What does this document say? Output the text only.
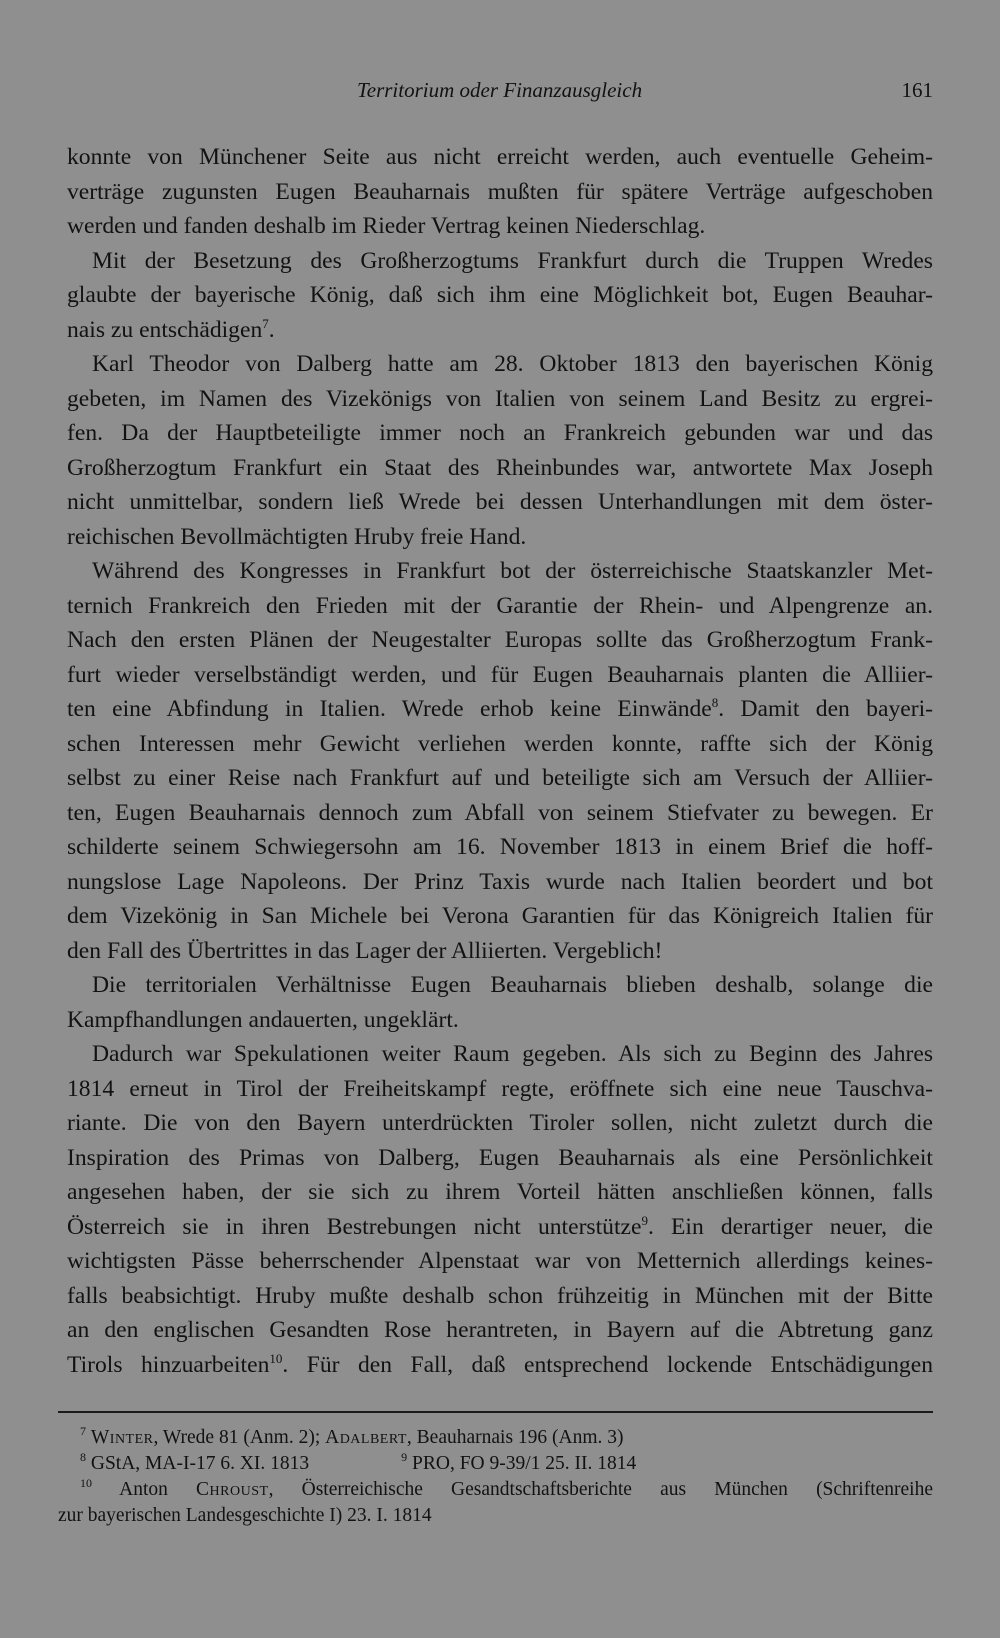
Territorium oder Finanzausgleich	161
konnte von Münchener Seite aus nicht erreicht werden, auch eventuelle Geheim-
verträge zugunsten Eugen Beauharnais mußten für spätere Verträge aufgeschoben
werden und fanden deshalb im Rieder Vertrag keinen Niederschlag.
Mit der Besetzung des Großherzogtums Frankfurt durch die Truppen Wredes
glaubte der bayerische König, daß sich ihm eine Möglichkeit bot, Eugen Beauhar-
nais zu entschädigen$^7$.
Karl Theodor von Dalberg hatte am 28. Oktober 1813 den bayerischen König
gebeten, im Namen des Vizekönigs von Italien von seinem Land Besitz zu ergrei-
fen. Da der Hauptbeteiligte immer noch an Frankreich gebunden war und das
Großherzogtum Frankfurt ein Staat des Rheinbundes war, antwortete Max Joseph
nicht unmittelbar, sondern ließ Wrede bei dessen Unterhandlungen mit dem öster-
reichischen Bevollmächtigten Hruby freie Hand.
Während des Kongresses in Frankfurt bot der österreichische Staatskanzler Met-
ternich Frankreich den Frieden mit der Garantie der Rhein- und Alpengrenze an.
Nach den ersten Plänen der Neugestalter Europas sollte das Großherzogtum Frank-
furt wieder verselbständigt werden, und für Eugen Beauharnais planten die Alliier-
ten eine Abfindung in Italien. Wrede erhob keine Einwände$^8$. Damit den bayeri-
schen Interessen mehr Gewicht verliehen werden konnte, raffte sich der König
selbst zu einer Reise nach Frankfurt auf und beteiligte sich am Versuch der Alliier-
ten, Eugen Beauharnais dennoch zum Abfall von seinem Stiefvater zu bewegen. Er
schilderte seinem Schwiegersohn am 16. November 1813 in einem Brief die hoff-
nungslose Lage Napoleons. Der Prinz Taxis wurde nach Italien beordert und bot
dem Vizekönig in San Michele bei Verona Garantien für das Königreich Italien für
den Fall des Übertrittes in das Lager der Alliierten. Vergeblich!
Die territorialen Verhältnisse Eugen Beauharnais blieben deshalb, solange die
Kampfhandlungen andauerten, ungeklärt.
Dadurch war Spekulationen weiter Raum gegeben. Als sich zu Beginn des Jahres
1814 erneut in Tirol der Freiheitskampf regte, eröffnete sich eine neue Tauschva-
riante. Die von den Bayern unterdrückten Tiroler sollen, nicht zuletzt durch die
Inspiration des Primas von Dalberg, Eugen Beauharnais als eine Persönlichkeit
angesehen haben, der sie sich zu ihrem Vorteil hätten anschließen können, falls
Österreich sie in ihren Bestrebungen nicht unterstütze$^9$. Ein derartiger neuer, die
wichtigsten Pässe beherrschender Alpenstaat war von Metternich allerdings keines-
falls beabsichtigt. Hruby mußte deshalb schon frühzeitig in München mit der Bitte
an den englischen Gesandten Rose herantreten, in Bayern auf die Abtretung ganz
Tirols hinzuarbeiten$^{10}$. Für den Fall, daß entsprechend lockende Entschädigungen
$^7$ Winter, Wrede 81 (Anm. 2); Adalbert, Beauharnais 196 (Anm. 3)
$^8$ GStA, MA-I-17 6. XI. 1813	$^9$ PRO, FO 9-39/1 25. II. 1814
$^{10}$ Anton Chroust, Österreichische Gesandtschaftsberichte aus München (Schriftenreihe
zur bayerischen Landesgeschichte I) 23. I. 1814
